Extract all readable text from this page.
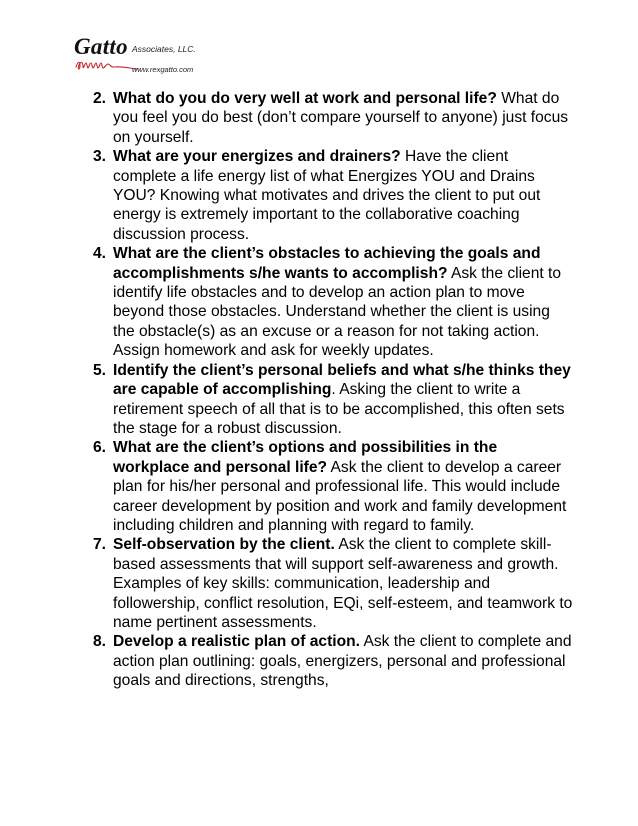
Gatto Associates, LLC.
www.rexgatto.com
2. What do you do very well at work and personal life? What do you feel you do best (don’t compare yourself to anyone) just focus on yourself.
3. What are your energizes and drainers? Have the client complete a life energy list of what Energizes YOU and Drains YOU? Knowing what motivates and drives the client to put out energy is extremely important to the collaborative coaching discussion process.
4. What are the client’s obstacles to achieving the goals and accomplishments s/he wants to accomplish? Ask the client to identify life obstacles and to develop an action plan to move beyond those obstacles. Understand whether the client is using the obstacle(s) as an excuse or a reason for not taking action. Assign homework and ask for weekly updates.
5. Identify the client’s personal beliefs and what s/he thinks they are capable of accomplishing. Asking the client to write a retirement speech of all that is to be accomplished, this often sets the stage for a robust discussion.
6. What are the client’s options and possibilities in the workplace and personal life? Ask the client to develop a career plan for his/her personal and professional life. This would include career development by position and work and family development including children and planning with regard to family.
7. Self-observation by the client. Ask the client to complete skill-based assessments that will support self-awareness and growth. Examples of key skills: communication, leadership and followership, conflict resolution, EQi, self-esteem, and teamwork to name pertinent assessments.
8. Develop a realistic plan of action. Ask the client to complete and action plan outlining: goals, energizers, personal and professional goals and directions, strengths,
